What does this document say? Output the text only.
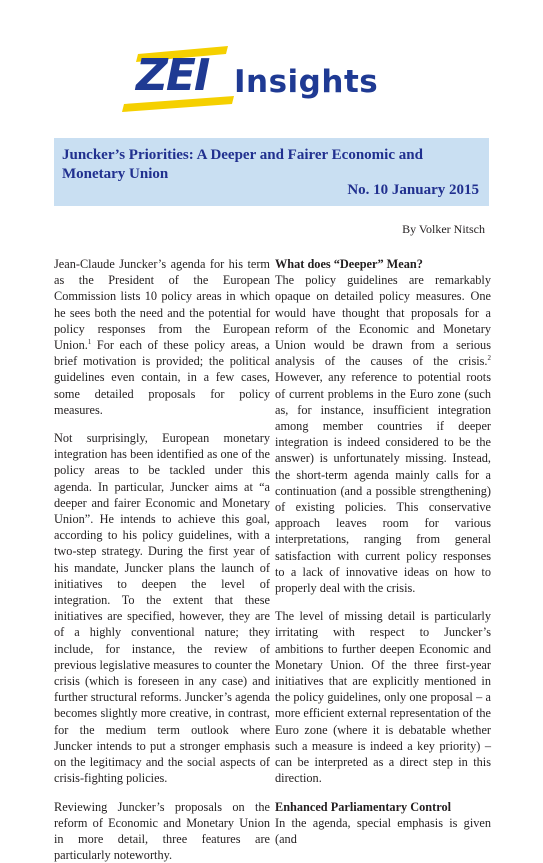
ZEI Insights
Juncker’s Priorities: A Deeper and Fairer Economic and Monetary Union
No. 10 January 2015
By Volker Nitsch

Jean-Claude Juncker’s agenda for his term as the President of the European Commission lists 10 policy areas in which he sees both the need and the potential for policy responses from the European Union.$^1$ For each of these policy areas, a brief motivation is provided; the political guidelines even contain, in a few cases, some detailed proposals for policy measures.

Not surprisingly, European monetary integration has been identified as one of the policy areas to be tackled under this agenda. In particular, Juncker aims at “a deeper and fairer Economic and Monetary Union”. He intends to achieve this goal, according to his policy guidelines, with a two-step strategy. During the first year of his mandate, Juncker plans the launch of initiatives to deepen the level of integration. To the extent that these initiatives are specified, however, they are of a highly conventional nature; they include, for instance, the review of previous legislative measures to counter the crisis (which is foreseen in any case) and further structural reforms. Juncker’s agenda becomes slightly more creative, in contrast, for the medium term outlook where Juncker intends to put a stronger emphasis on the legitimacy and the social aspects of crisis-fighting policies.

Reviewing Juncker’s proposals on the reform of Economic and Monetary Union in more detail, three features are particularly noteworthy.

What does “Deeper” Mean?

The policy guidelines are remarkably opaque on detailed policy measures. One would have thought that proposals for a reform of the Economic and Monetary Union would be drawn from a serious analysis of the causes of the crisis.$^2$ However, any reference to potential roots of current problems in the Euro zone (such as, for instance, insufficient integration among member countries if deeper integration is indeed considered to be the answer) is unfortunately missing. Instead, the short-term agenda mainly calls for a continuation (and a possible strengthening) of existing policies. This conservative approach leaves room for various interpretations, ranging from general satisfaction with current policy responses to a lack of innovative ideas on how to properly deal with the crisis.

The level of missing detail is particularly irritating with respect to Juncker’s ambitions to further deepen Economic and Monetary Union. Of the three first-year initiatives that are explicitly mentioned in the policy guidelines, only one proposal – a more efficient external representation of the Euro zone (where it is debatable whether such a measure is indeed a key priority) – can be interpreted as a direct step in this direction.

Enhanced Parliamentary Control

In the agenda, special emphasis is given (and
